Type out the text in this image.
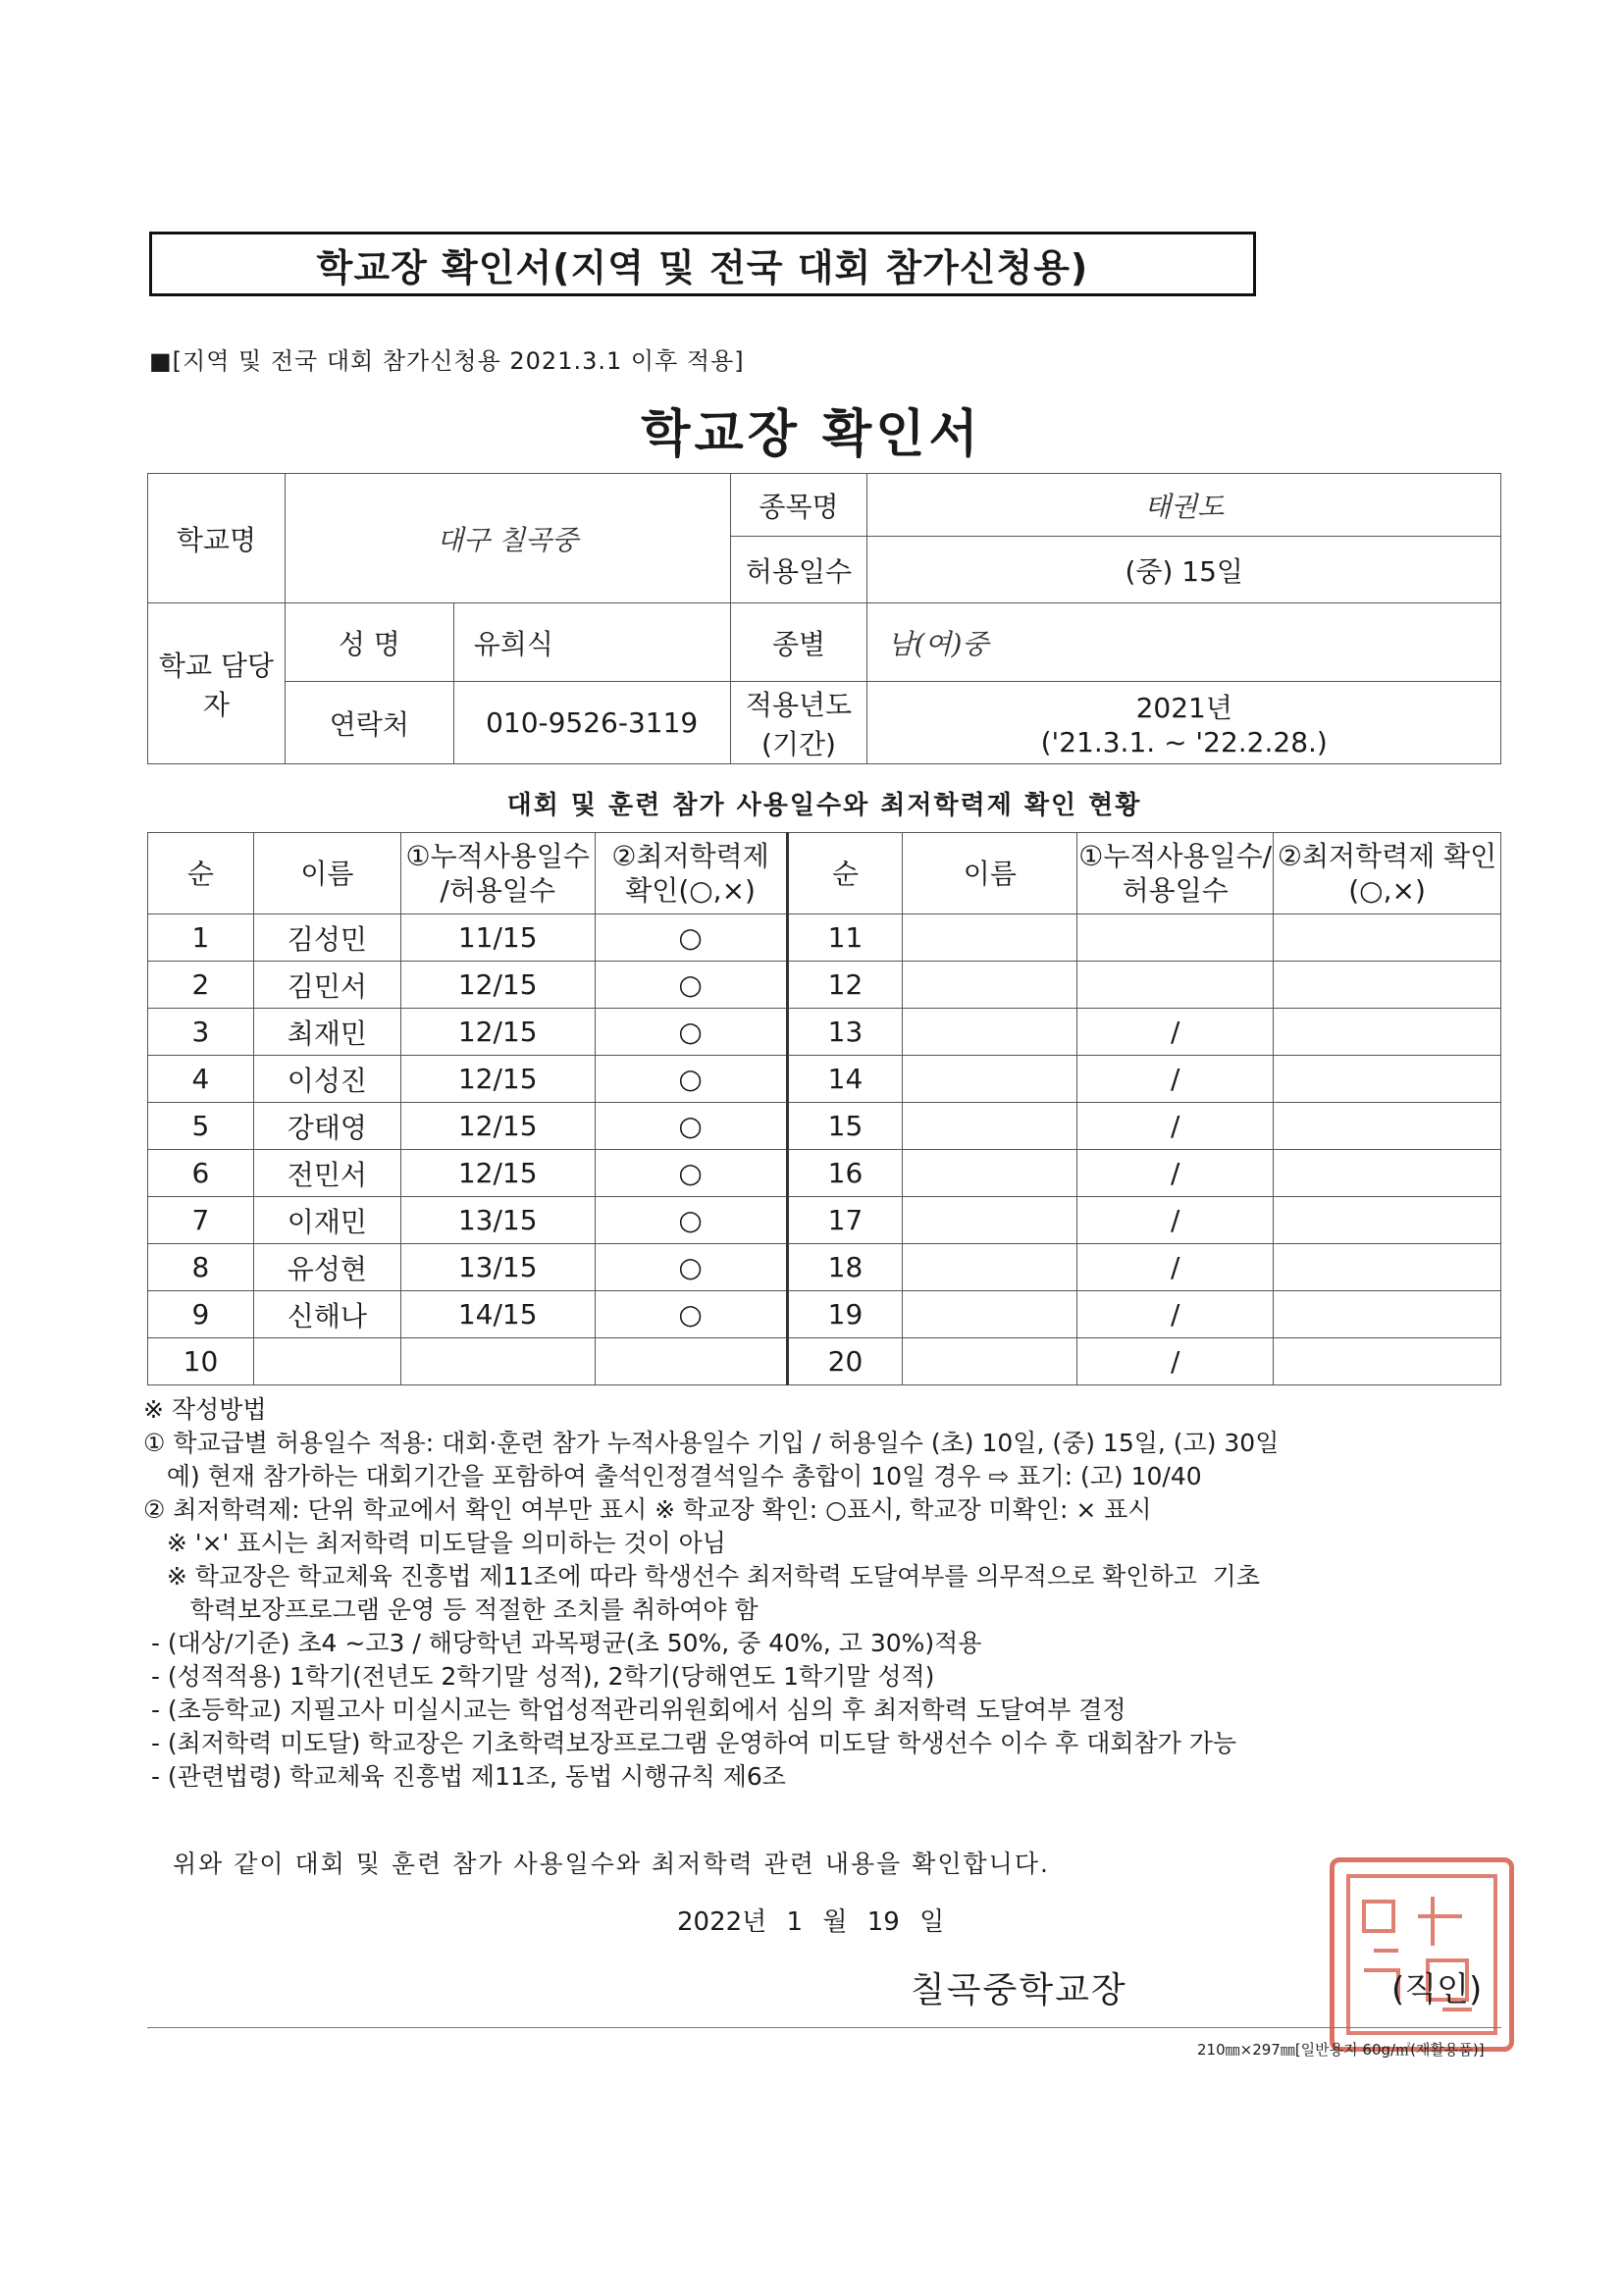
학교장 확인서(지역 및 전국 대회 참가신청용)
■[지역 및 전국 대회 참가신청용 2021.3.1 이후 적용]
학교장 확인서
학교명	대구 칠곡중		종목명	태권도
			허용일수	(중) 15일
학교 담당자	성 명	유희식	종별	남(여)중
	연락처	010-9526-3119	적용년도 (기간)	2021년
('21.3.1. ~ '22.2.28.)
대회 및 훈련 참가 사용일수와 최저학력제 확인 현황
순	이름	①누적사용일수 /허용일수	②최저학력제 확인(○,×)	순	이름	①누적사용일수/ 허용일수	②최저학력제 확인(○,×)
1	김성민	11/15	○	11			
2	김민서	12/15	○	12			
3	최재민	12/15	○	13		/	
4	이성진	12/15	○	14		/	
5	강태영	12/15	○	15		/	
6	전민서	12/15	○	16		/	
7	이재민	13/15	○	17		/	
8	유성현	13/15	○	18		/	
9	신해나	14/15	○	19		/	
10				20		/	
※ 작성방법
① 학교급별 허용일수 적용: 대회·훈련 참가 누적사용일수 기입 / 허용일수 (초) 10일, (중) 15일, (고) 30일
예) 현재 참가하는 대회기간을 포함하여 출석인정결석일수 총합이 10일 경우 ⇨ 표기: (고) 10/40
② 최저학력제: 단위 학교에서 확인 여부만 표시 ※ 학교장 확인: ○표시, 학교장 미확인: × 표시
※ '×' 표시는 최저학력 미도달을 의미하는 것이 아님
※ 학교장은 학교체육 진흥법 제11조에 따라 학생선수 최저학력 도달여부를 의무적으로 확인하고  기초
학력보장프로그램 운영 등 적절한 조치를 취하여야 함
- (대상/기준) 초4 ~고3 / 해당학년 과목평균(초 50%, 중 40%, 고 30%)적용
- (성적적용) 1학기(전년도 2학기말 성적), 2학기(당해연도 1학기말 성적)
- (초등학교) 지필고사 미실시교는 학업성적관리위원회에서 심의 후 최저학력 도달여부 결정
- (최저학력 미도달) 학교장은 기초학력보장프로그램 운영하여 미도달 학생선수 이수 후 대회참가 가능
- (관련법령) 학교체육 진흥법 제11조, 동법 시행규칙 제6조
위와 같이 대회 및 훈련 참가 사용일수와 최저학력 관련 내용을 확인합니다.
2022년 1 월 19 일
칠곡중학교장	(직인)
210㎜×297㎜[일반용지 60g/㎡(재활용품)]
